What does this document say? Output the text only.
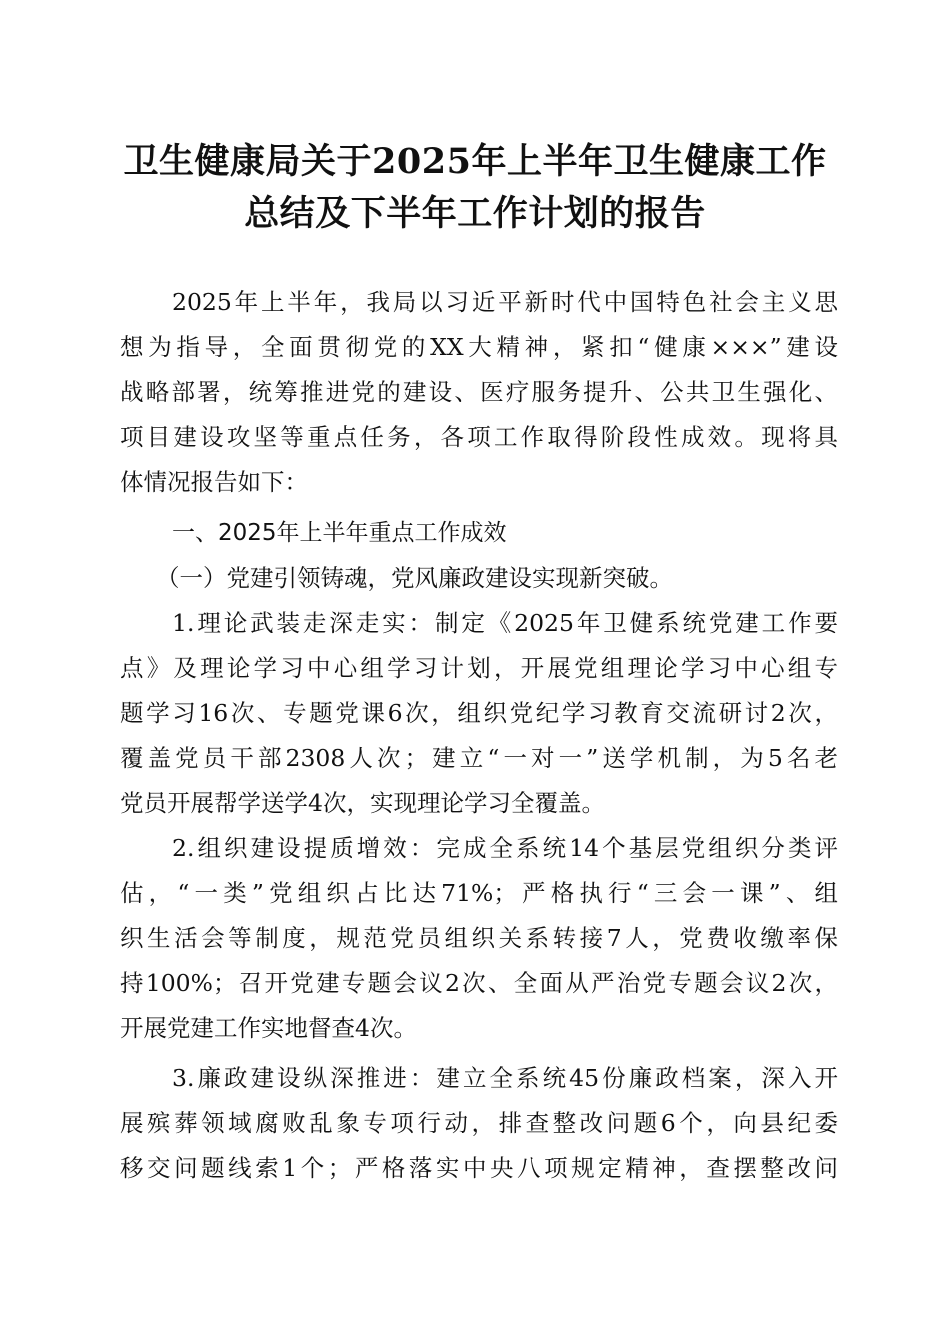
卫生健康局关于2025年上半年卫生健康工作
总结及下半年工作计划的报告
2025年上半年，我局以习近平新时代中国特色社会主义思
想为指导，全面贯彻党的XX大精神，紧扣“健康×××”建设
战略部署，统筹推进党的建设、医疗服务提升、公共卫生强化、
项目建设攻坚等重点任务，各项工作取得阶段性成效。现将具
体情况报告如下：
一、2025年上半年重点工作成效
（一）党建引领铸魂，党风廉政建设实现新突破。
1.理论武装走深走实：制定《2025年卫健系统党建工作要
点》及理论学习中心组学习计划，开展党组理论学习中心组专
题学习16次、专题党课6次，组织党纪学习教育交流研讨2次，
覆盖党员干部2308人次；建立“一对一”送学机制，为5名老
党员开展帮学送学4次，实现理论学习全覆盖。
2.组织建设提质增效：完成全系统14个基层党组织分类评
估，“一类”党组织占比达71%；严格执行“三会一课”、组
织生活会等制度，规范党员组织关系转接7人，党费收缴率保
持100%；召开党建专题会议2次、全面从严治党专题会议2次，
开展党建工作实地督查4次。
3.廉政建设纵深推进：建立全系统45份廉政档案，深入开
展殡葬领域腐败乱象专项行动，排查整改问题6个，向县纪委
移交问题线索1个；严格落实中央八项规定精神，查摆整改问
